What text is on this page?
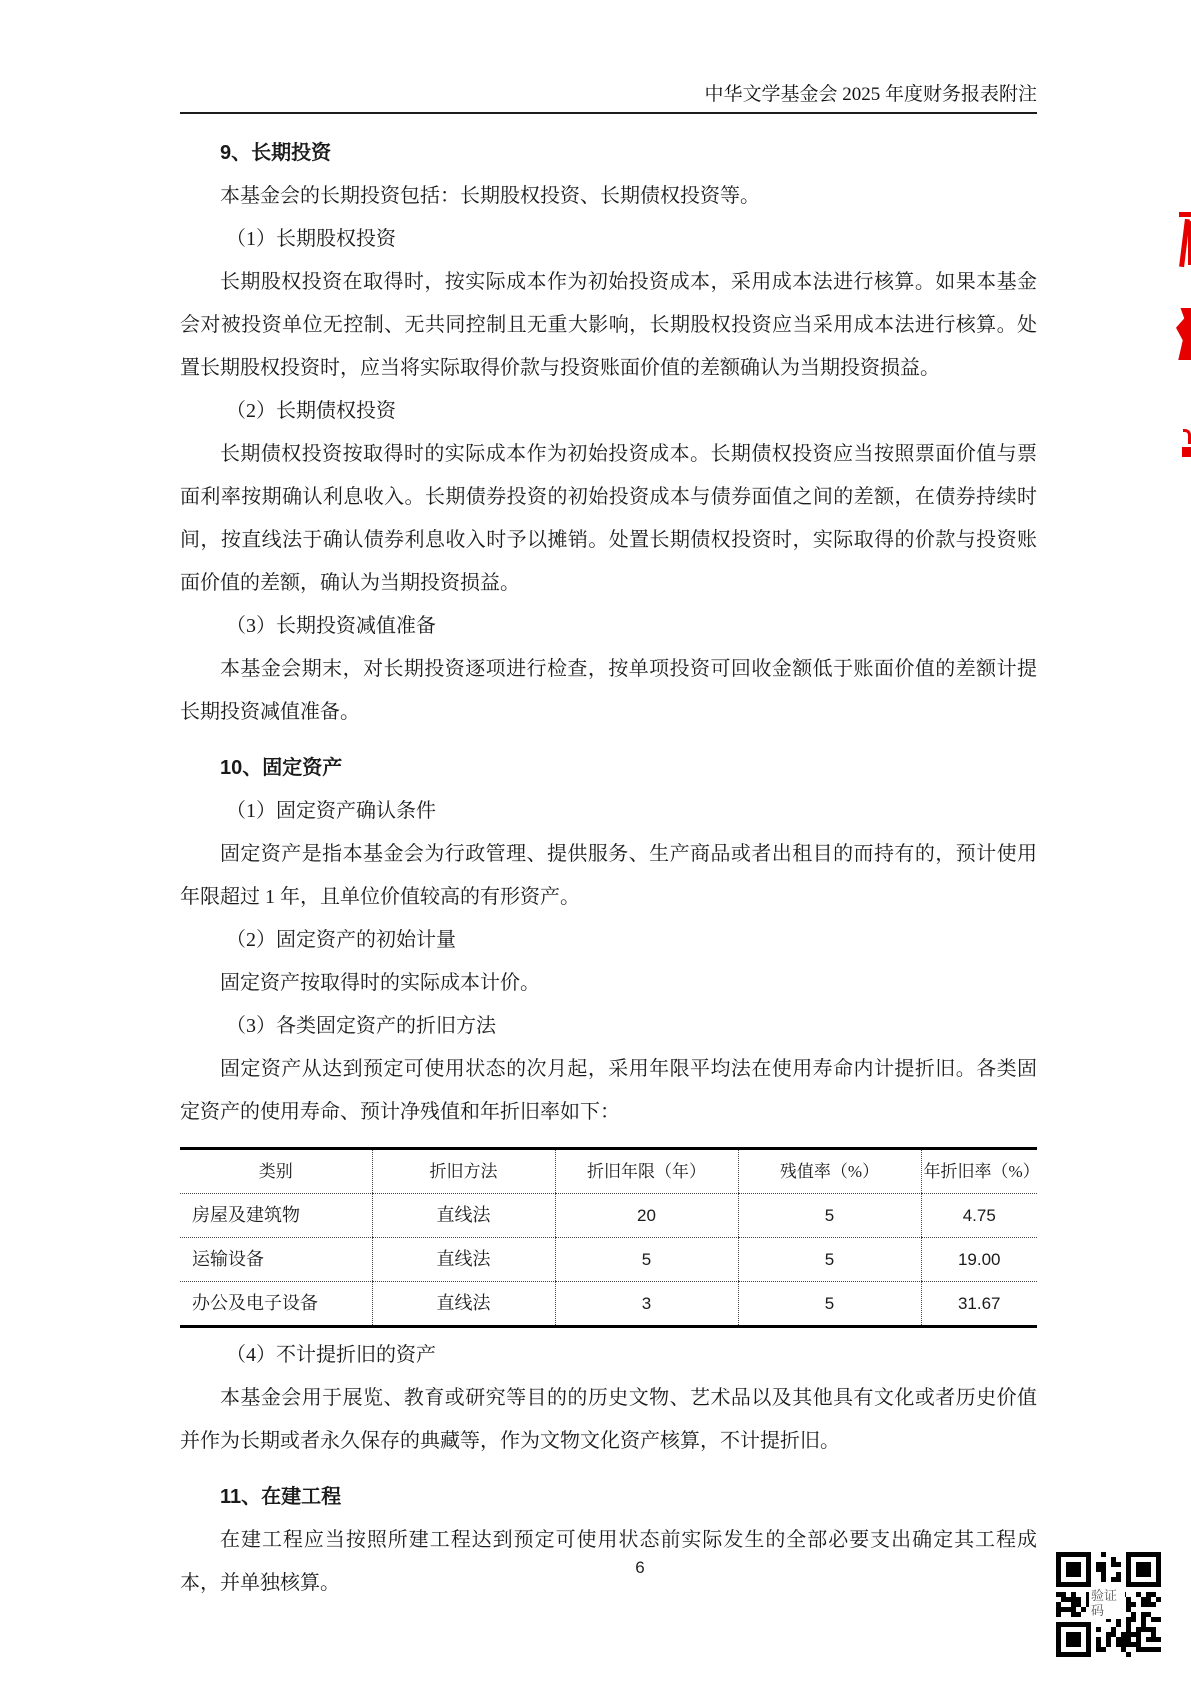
中华文学基金会 2025 年度财务报表附注

9、长期投资

本基金会的长期投资包括：长期股权投资、长期债权投资等。

（1）长期股权投资

长期股权投资在取得时，按实际成本作为初始投资成本，采用成本法进行核算。如果本基金会对被投资单位无控制、无共同控制且无重大影响，长期股权投资应当采用成本法进行核算。处置长期股权投资时，应当将实际取得价款与投资账面价值的差额确认为当期投资损益。

（2）长期债权投资

长期债权投资按取得时的实际成本作为初始投资成本。长期债权投资应当按照票面价值与票面利率按期确认利息收入。长期债券投资的初始投资成本与债券面值之间的差额，在债券持续时间，按直线法于确认债券利息收入时予以摊销。处置长期债权投资时，实际取得的价款与投资账面价值的差额，确认为当期投资损益。

（3）长期投资减值准备

本基金会期末，对长期投资逐项进行检查，按单项投资可回收金额低于账面价值的差额计提长期投资减值准备。

10、固定资产

（1）固定资产确认条件

固定资产是指本基金会为行政管理、提供服务、生产商品或者出租目的而持有的，预计使用年限超过 1 年，且单位价值较高的有形资产。

（2）固定资产的初始计量

固定资产按取得时的实际成本计价。

（3）各类固定资产的折旧方法

固定资产从达到预定可使用状态的次月起，采用年限平均法在使用寿命内计提折旧。各类固定资产的使用寿命、预计净残值和年折旧率如下：

类别	折旧方法	折旧年限（年）	残值率（%）	年折旧率（%）
房屋及建筑物	直线法	20	5	4.75
运输设备	直线法	5	5	19.00
办公及电子设备	直线法	3	5	31.67

（4）不计提折旧的资产

本基金会用于展览、教育或研究等目的的历史文物、艺术品以及其他具有文化或者历史价值并作为长期或者永久保存的典藏等，作为文物文化资产核算，不计提折旧。

11、在建工程

在建工程应当按照所建工程达到预定可使用状态前实际发生的全部必要支出确定其工程成本，并单独核算。

6
验证码
